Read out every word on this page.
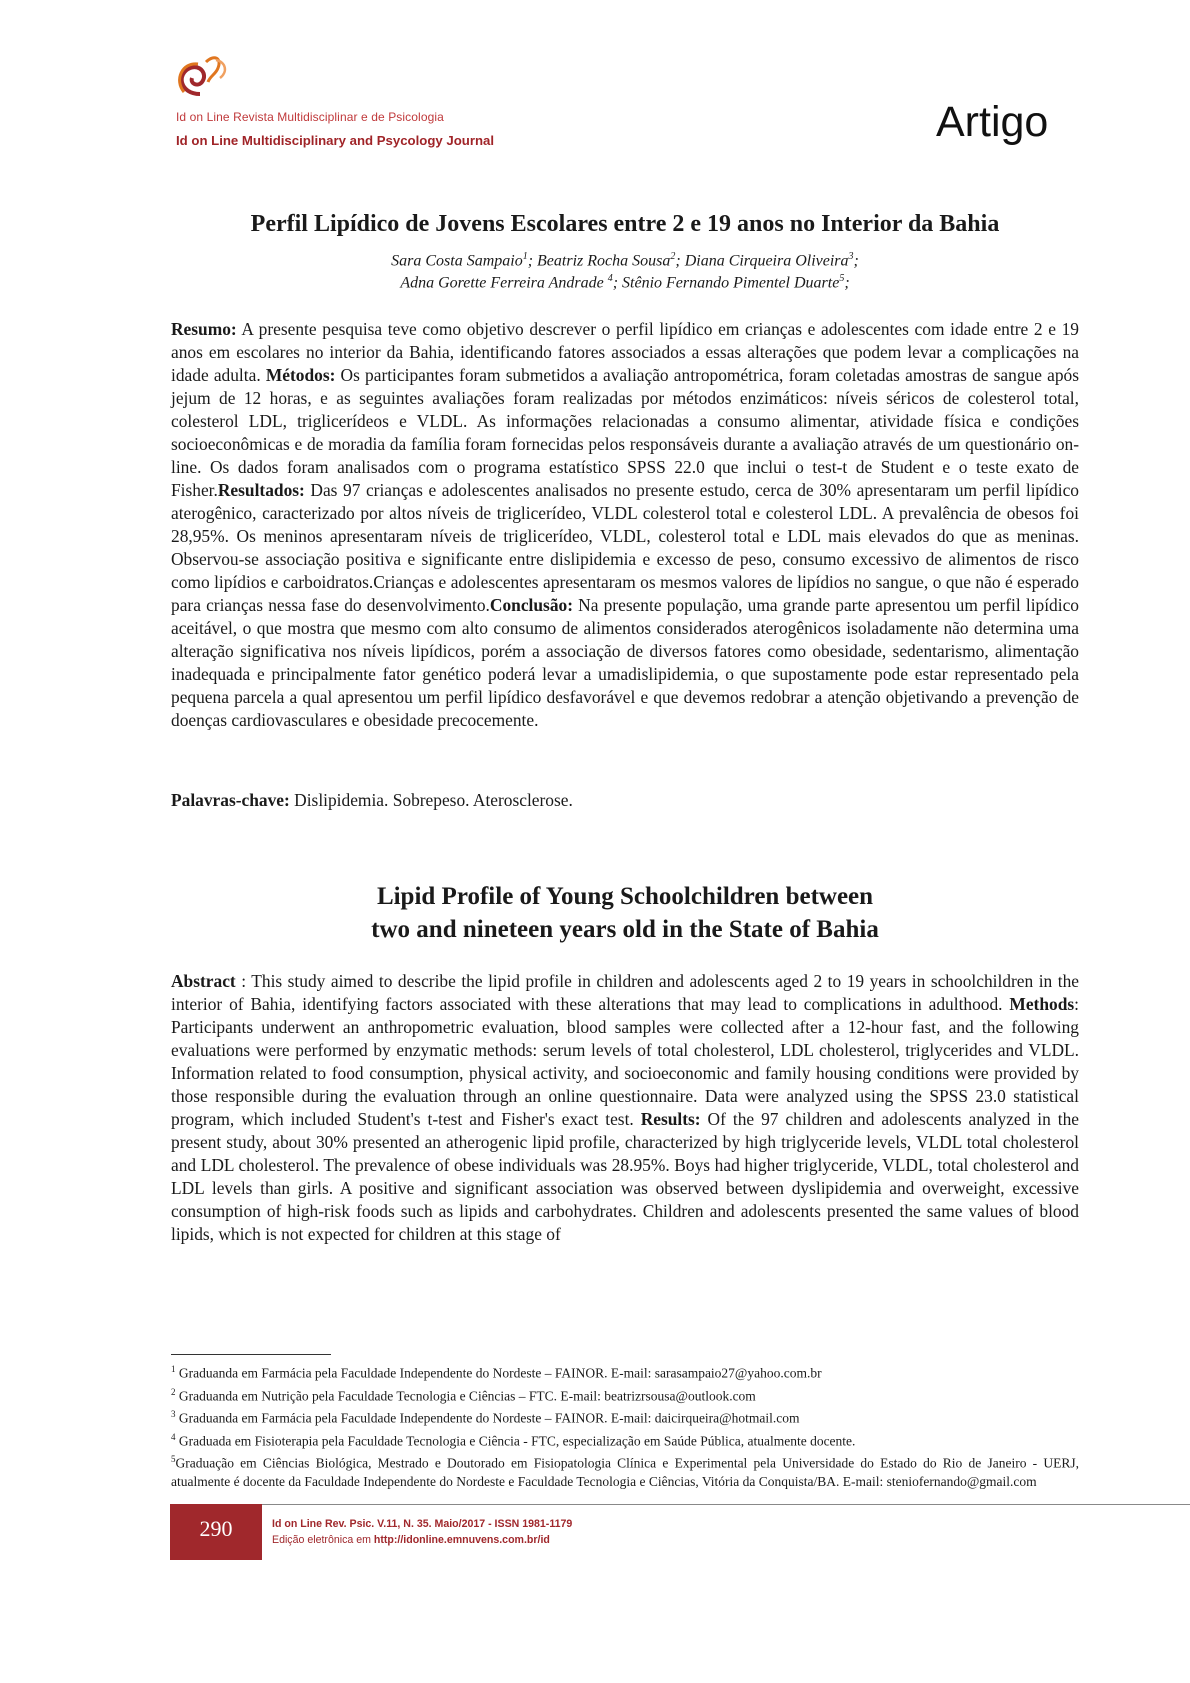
Id on Line Revista Multidisciplinar e de Psicologia
Id on Line Multidisciplinary and Psycology Journal	Artigo
Perfil Lipídico de Jovens Escolares entre 2 e 19 anos no Interior da Bahia
Sara Costa Sampaio$^1$; Beatriz Rocha Sousa$^2$; Diana Cirqueira Oliveira$^3$;
Adna Gorette Ferreira Andrade $^4$; Stênio Fernando Pimentel Duarte$^5$;
Resumo: A presente pesquisa teve como objetivo descrever o perfil lipídico em crianças e adolescentes com idade entre 2 e 19 anos em escolares no interior da Bahia, identificando fatores associados a essas alterações que podem levar a complicações na idade adulta. Métodos: Os participantes foram submetidos a avaliação antropométrica, foram coletadas amostras de sangue após jejum de 12 horas, e as seguintes avaliações foram realizadas por métodos enzimáticos: níveis séricos de colesterol total, colesterol LDL, triglicerídeos e VLDL. As informações relacionadas a consumo alimentar, atividade física e condições socioeconômicas e de moradia da família foram fornecidas pelos responsáveis durante a avaliação através de um questionário on-line. Os dados foram analisados com o programa estatístico SPSS 22.0 que inclui o test-t de Student e o teste exato de Fisher.Resultados: Das 97 crianças e adolescentes analisados no presente estudo, cerca de 30% apresentaram um perfil lipídico aterogênico, caracterizado por altos níveis de triglicerídeo, VLDL colesterol total e colesterol LDL. A prevalência de obesos foi 28,95%. Os meninos apresentaram níveis de triglicerídeo, VLDL, colesterol total e LDL mais elevados do que as meninas. Observou-se associação positiva e significante entre dislipidemia e excesso de peso, consumo excessivo de alimentos de risco como lipídios e carboidratos.Crianças e adolescentes apresentaram os mesmos valores de lipídios no sangue, o que não é esperado para crianças nessa fase do desenvolvimento.Conclusão: Na presente população, uma grande parte apresentou um perfil lipídico aceitável, o que mostra que mesmo com alto consumo de alimentos considerados aterogênicos isoladamente não determina uma alteração significativa nos níveis lipídicos, porém a associação de diversos fatores como obesidade, sedentarismo, alimentação inadequada e principalmente fator genético poderá levar a umadislipidemia, o que supostamente pode estar representado pela pequena parcela a qual apresentou um perfil lipídico desfavorável e que devemos redobrar a atenção objetivando a prevenção de doenças cardiovasculares e obesidade precocemente.
Palavras-chave: Dislipidemia. Sobrepeso. Aterosclerose.
Lipid Profile of Young Schoolchildren between
two and nineteen years old in the State of Bahia
Abstract : This study aimed to describe the lipid profile in children and adolescents aged 2 to 19 years in schoolchildren in the interior of Bahia, identifying factors associated with these alterations that may lead to complications in adulthood. Methods: Participants underwent an anthropometric evaluation, blood samples were collected after a 12-hour fast, and the following evaluations were performed by enzymatic methods: serum levels of total cholesterol, LDL cholesterol, triglycerides and VLDL. Information related to food consumption, physical activity, and socioeconomic and family housing conditions were provided by those responsible during the evaluation through an online questionnaire. Data were analyzed using the SPSS 23.0 statistical program, which included Student's t-test and Fisher's exact test. Results: Of the 97 children and adolescents analyzed in the present study, about 30% presented an atherogenic lipid profile, characterized by high triglyceride levels, VLDL total cholesterol and LDL cholesterol. The prevalence of obese individuals was 28.95%. Boys had higher triglyceride, VLDL, total cholesterol and LDL levels than girls. A positive and significant association was observed between dyslipidemia and overweight, excessive consumption of high-risk foods such as lipids and carbohydrates. Children and adolescents presented the same values of blood lipids, which is not expected for children at this stage of

$^1$ Graduanda em Farmácia pela Faculdade Independente do Nordeste – FAINOR. E-mail: sarasampaio27@yahoo.com.br

$^2$ Graduanda em Nutrição pela Faculdade Tecnologia e Ciências – FTC. E-mail: beatrizrsousa@outlook.com

$^3$ Graduanda em Farmácia pela Faculdade Independente do Nordeste – FAINOR. E-mail: daicirqueira@hotmail.com

$^4$ Graduada em Fisioterapia pela Faculdade Tecnologia e Ciência - FTC, especialização em Saúde Pública, atualmente docente.

$^5$Graduação em Ciências Biológica, Mestrado e Doutorado em Fisiopatologia Clínica e Experimental pela Universidade do Estado do Rio de Janeiro - UERJ, atualmente é docente da Faculdade Independente do Nordeste e Faculdade Tecnologia e Ciências, Vitória da Conquista/BA. E-mail: steniofernando@gmail.com

290	Id on Line Rev. Psic. V.11, N. 35. Maio/2017 - ISSN 1981-1179
Edição eletrônica em http://idonline.emnuvens.com.br/id
